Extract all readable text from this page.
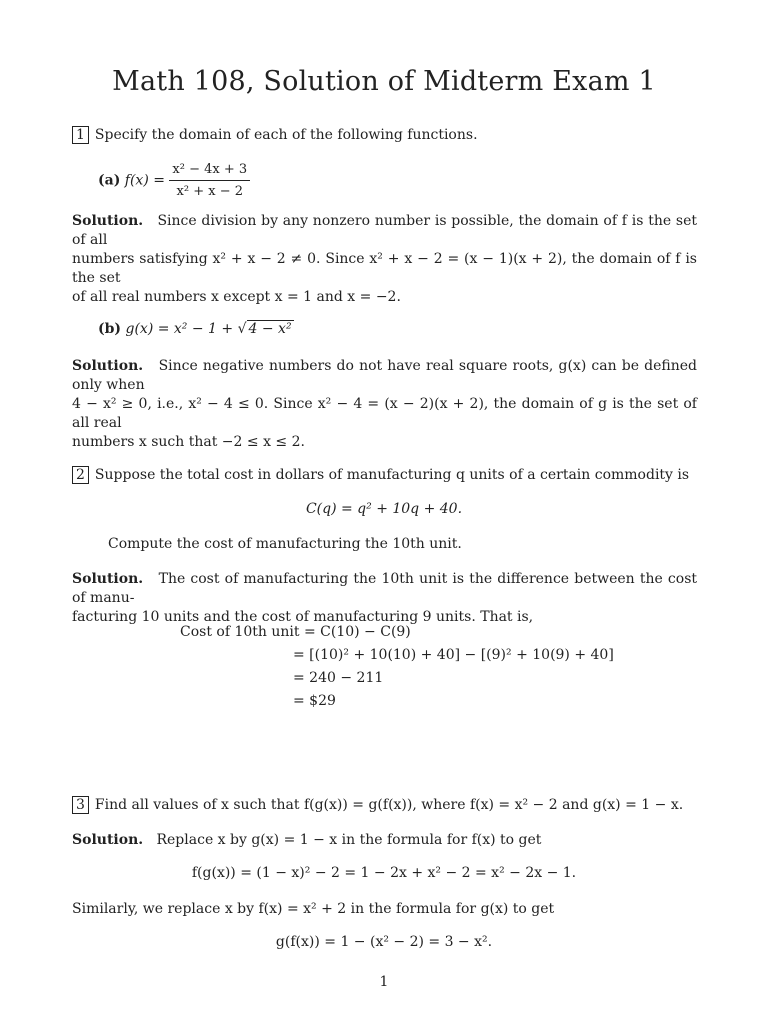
Math 108, Solution of Midterm Exam 1
1 Specify the domain of each of the following functions.
(a) $f(x) = \frac{\text{x² − 4x + 3}}{\text{x² + x − 2}}$
Solution. Since division by any nonzero number is possible, the domain of f is the set of all
numbers satisfying x² + x − 2 ≠ 0. Since x² + x − 2 = (x − 1)(x + 2), the domain of f is the set
of all real numbers x except x = 1 and x = −2.
(b) g(x) = x² − 1 + √ 4 − x²
Solution. Since negative numbers do not have real square roots, g(x) can be defined only when
4 − x² ≥ 0, i.e., x² − 4 ≤ 0. Since x² − 4 = (x − 2)(x + 2), the domain of g is the set of all real
numbers x such that −2 ≤ x ≤ 2.
2 Suppose the total cost in dollars of manufacturing q units of a certain commodity is
C(q) = q² + 10q + 40.
Compute the cost of manufacturing the 10th unit.
Solution. The cost of manufacturing the 10th unit is the difference between the cost of manu-
facturing 10 units and the cost of manufacturing 9 units. That is,
Cost of 10th unit = C(10) − C(9)
= [(10)² + 10(10) + 40] − [(9)² + 10(9) + 40]
= 240 − 211
= $29
3 Find all values of x such that f(g(x)) = g(f(x)), where f(x) = x² − 2 and g(x) = 1 − x.
Solution. Replace x by g(x) = 1 − x in the formula for f(x) to get
f(g(x)) = (1 − x)² − 2 = 1 − 2x + x² − 2 = x² − 2x − 1.
Similarly, we replace x by f(x) = x² + 2 in the formula for g(x) to get
g(f(x)) = 1 − (x² − 2) = 3 − x².
1
